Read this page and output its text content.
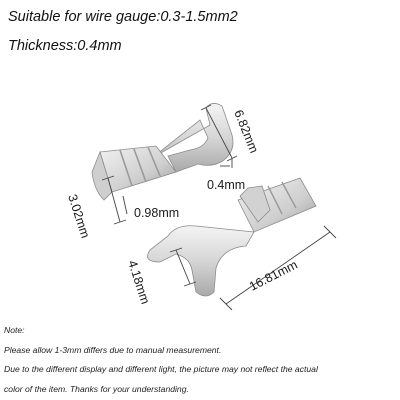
Suitable for wire gauge:0.3-1.5mm2
Thickness:0.4mm
6.82mm
0.4mm
3.02mm	0.98mm
4.18mm	16.81mm
Note:
Please allow 1-3mm differs due to manual measurement.
Due to the different display and different light, the picture may not reflect the actual
color of the item. Thanks for your understanding.
